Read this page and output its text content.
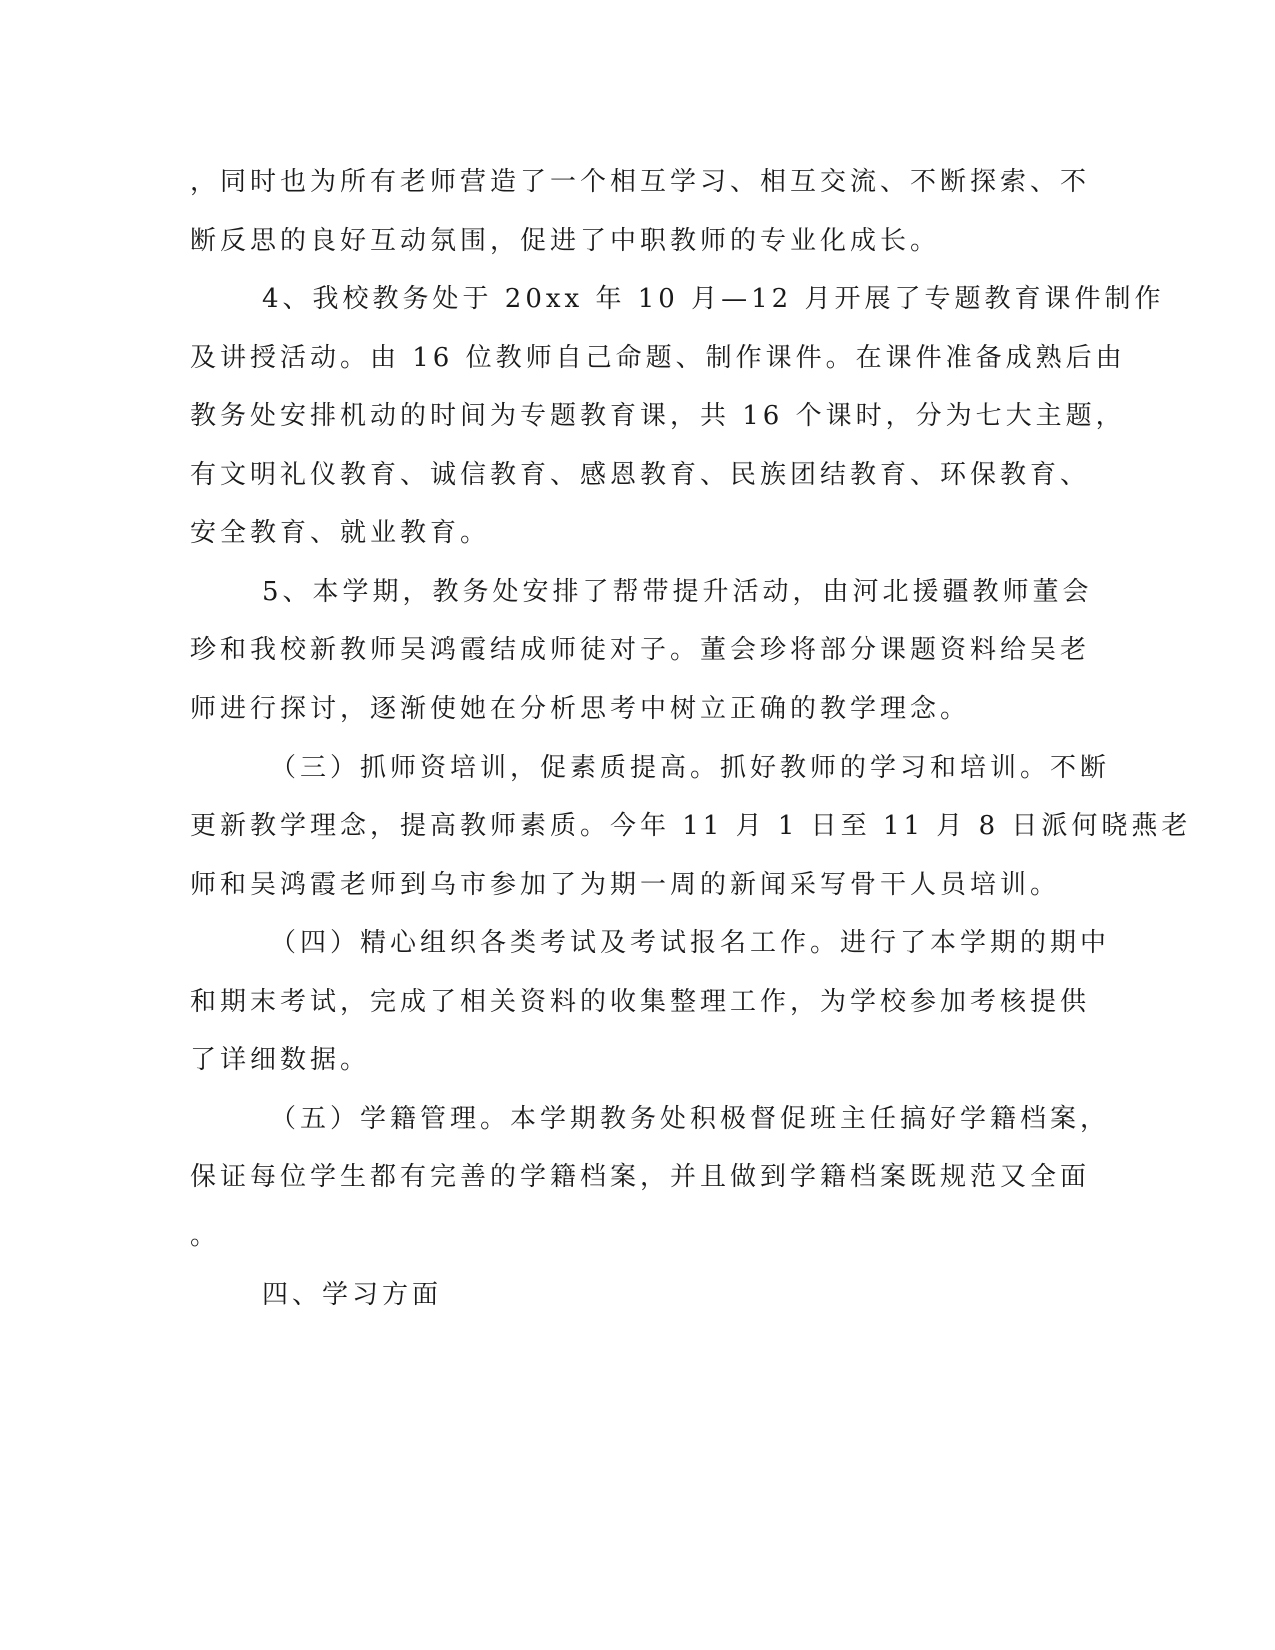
，同时也为所有老师营造了一个相互学习、相互交流、不断探索、不

断反思的良好互动氛围，促进了中职教师的专业化成长。

4、我校教务处于 20xx 年 10 月—12 月开展了专题教育课件制作

及讲授活动。由 16 位教师自己命题、制作课件。在课件准备成熟后由

教务处安排机动的时间为专题教育课，共 16 个课时，分为七大主题，

有文明礼仪教育、诚信教育、感恩教育、民族团结教育、环保教育、

安全教育、就业教育。

5、本学期，教务处安排了帮带提升活动，由河北援疆教师董会

珍和我校新教师吴鸿霞结成师徒对子。董会珍将部分课题资料给吴老

师进行探讨，逐渐使她在分析思考中树立正确的教学理念。

（三）抓师资培训，促素质提高。抓好教师的学习和培训。不断

更新教学理念，提高教师素质。今年 11 月 1 日至 11 月 8 日派何晓燕老

师和吴鸿霞老师到乌市参加了为期一周的新闻采写骨干人员培训。

（四）精心组织各类考试及考试报名工作。进行了本学期的期中

和期末考试，完成了相关资料的收集整理工作，为学校参加考核提供

了详细数据。

（五）学籍管理。本学期教务处积极督促班主任搞好学籍档案，

保证每位学生都有完善的学籍档案，并且做到学籍档案既规范又全面

。

四、学习方面
